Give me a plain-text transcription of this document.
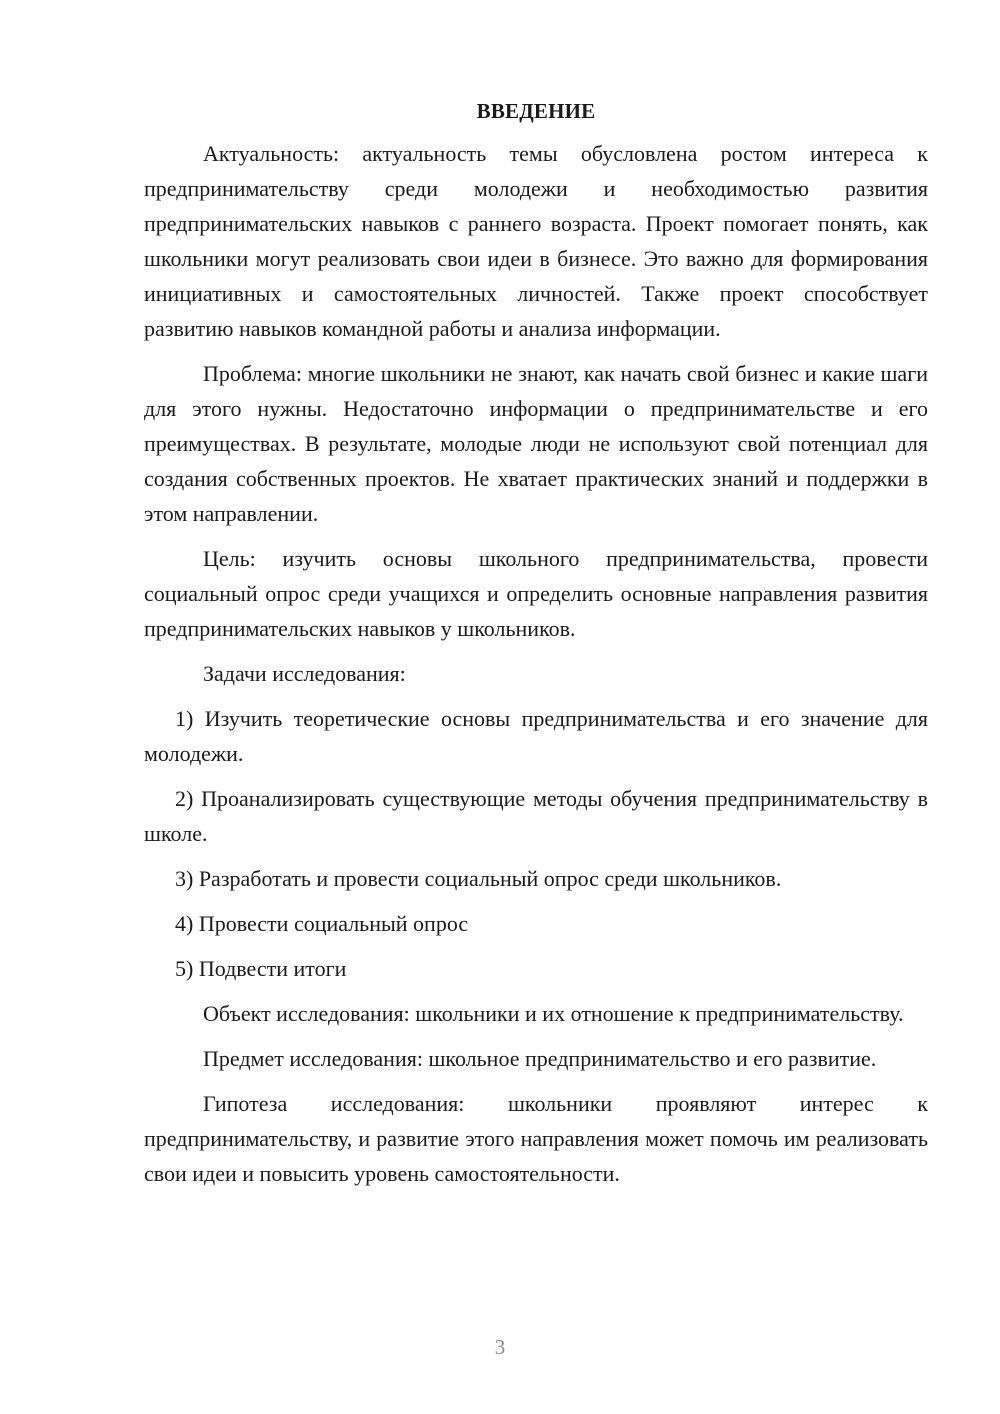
ВВЕДЕНИЕ

Актуальность: актуальность темы обусловлена ростом интереса к предпринимательству среди молодежи и необходимостью развития предпринимательских навыков с раннего возраста. Проект помогает понять, как школьники могут реализовать свои идеи в бизнесе. Это важно для формирования инициативных и самостоятельных личностей. Также проект способствует развитию навыков командной работы и анализа информации.

Проблема: многие школьники не знают, как начать свой бизнес и какие шаги для этого нужны. Недостаточно информации о предпринимательстве и его преимуществах. В результате, молодые люди не используют свой потенциал для создания собственных проектов. Не хватает практических знаний и поддержки в этом направлении.

Цель: изучить основы школьного предпринимательства, провести социальный опрос среди учащихся и определить основные направления развития предпринимательских навыков у школьников.

Задачи исследования:

1) Изучить теоретические основы предпринимательства и его значение для молодежи.

2) Проанализировать существующие методы обучения предпринимательству в школе.

3) Разработать и провести социальный опрос среди школьников.

4) Провести социальный опрос

5) Подвести итоги

Объект исследования: школьники и их отношение к предпринимательству.

Предмет исследования: школьное предпринимательство и его развитие.

Гипотеза исследования: школьники проявляют интерес к предпринимательству, и развитие этого направления может помочь им реализовать свои идеи и повысить уровень самостоятельности.

3
